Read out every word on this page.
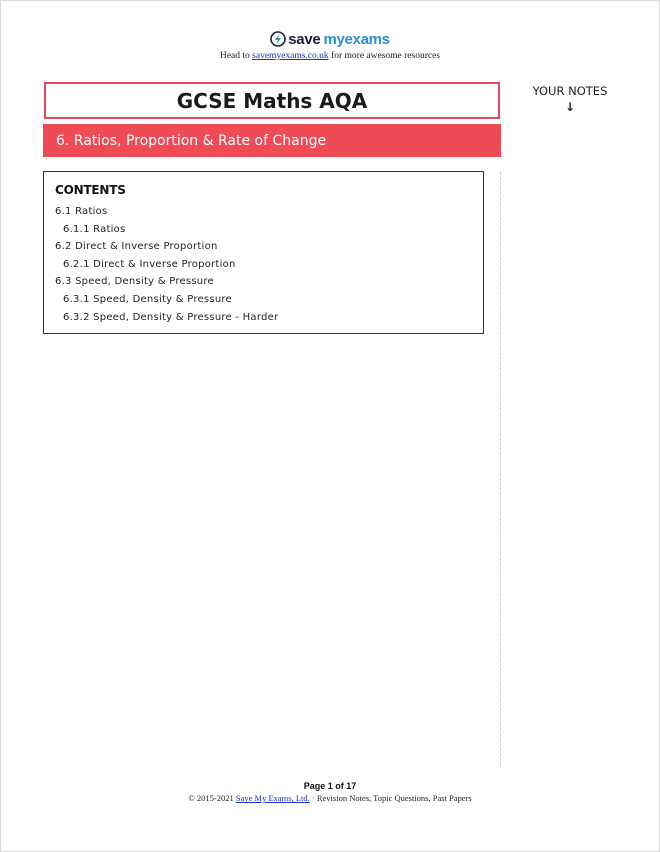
save myexams
Head to savemyexams.co.uk for more awesome resources
GCSE Maths AQA
6. Ratios, Proportion & Rate of Change
YOUR NOTES
↓
CONTENTS
6.1 Ratios
6.1.1 Ratios
6.2 Direct & Inverse Proportion
6.2.1 Direct & Inverse Proportion
6.3 Speed, Density & Pressure
6.3.1 Speed, Density & Pressure
6.3.2 Speed, Density & Pressure - Harder
Page 1 of 17
© 2015-2021 Save My Exams, Ltd. · Revision Notes, Topic Questions, Past Papers
